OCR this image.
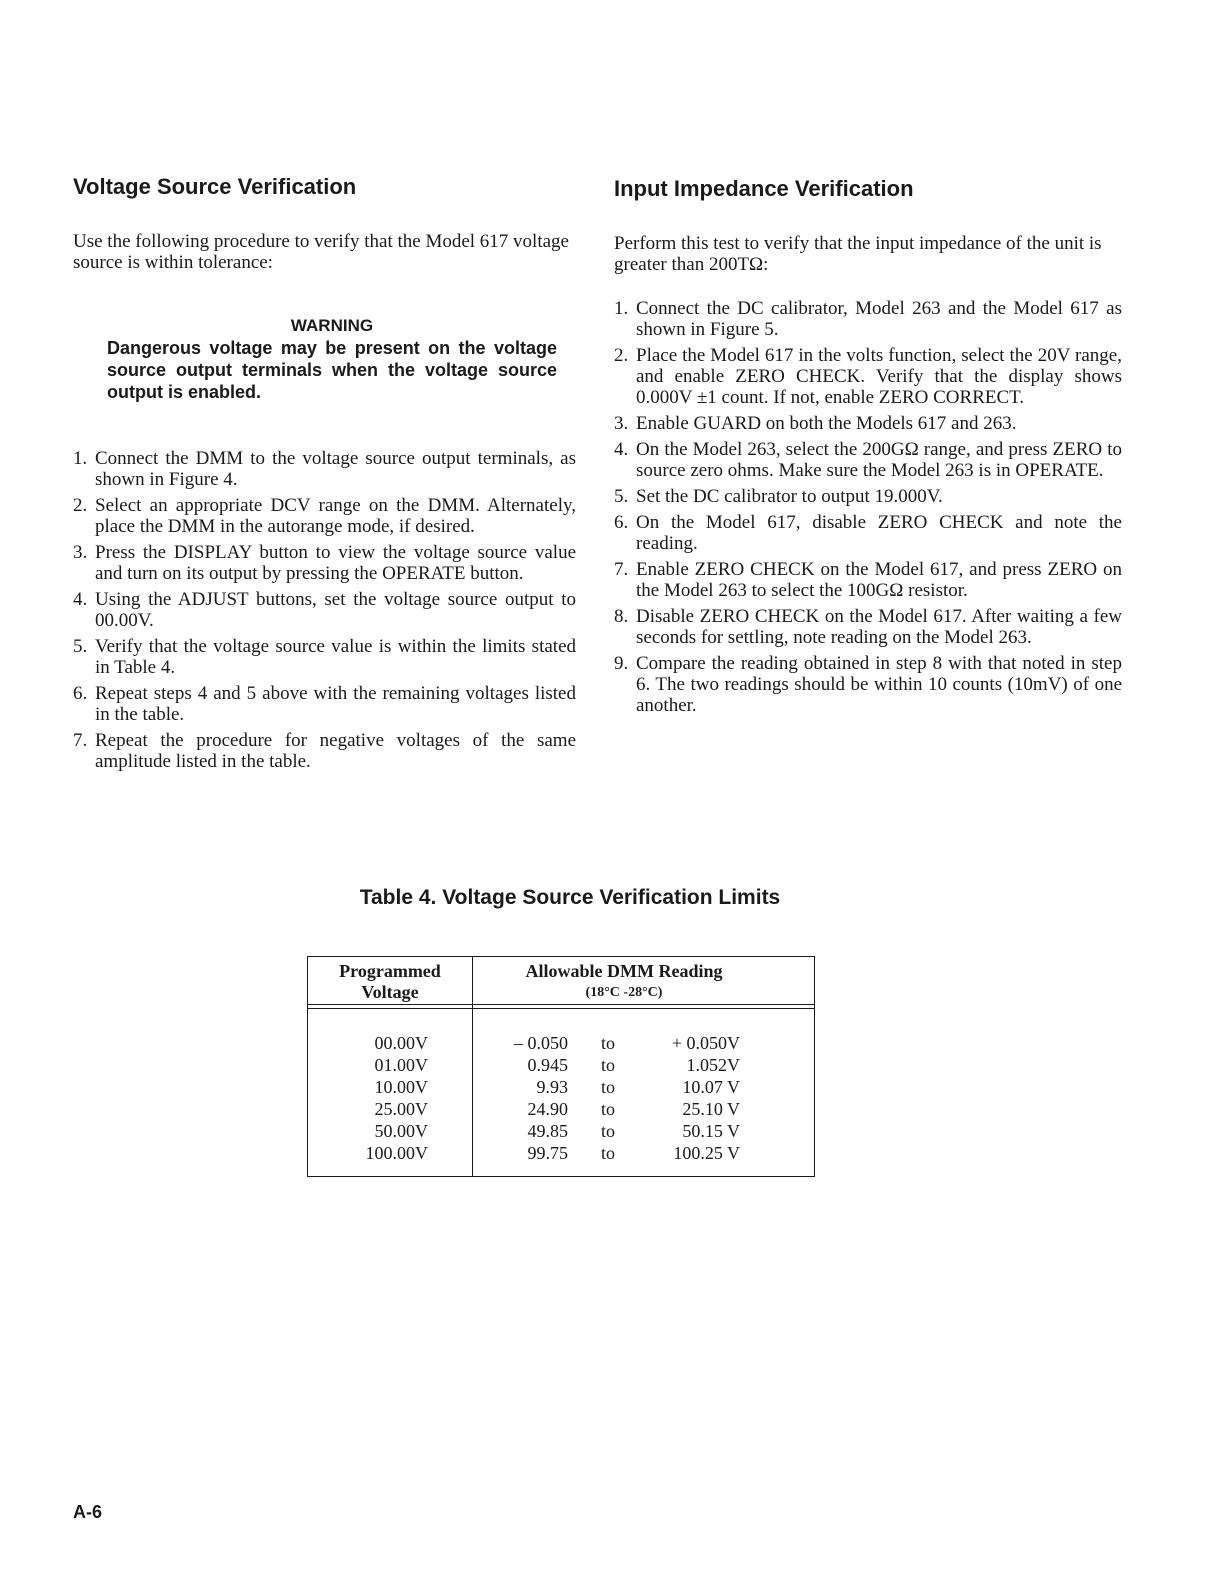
Voltage Source Verification

Use the following procedure to verify that the Model 617 voltage source is within tolerance:

WARNING
Dangerous voltage may be present on the voltage source output terminals when the voltage source output is enabled.
1. Connect the DMM to the voltage source output terminals, as shown in Figure 4.
2. Select an appropriate DCV range on the DMM. Alternately, place the DMM in the autorange mode, if desired.
3. Press the DISPLAY button to view the voltage source value and turn on its output by pressing the OPERATE button.
4. Using the ADJUST buttons, set the voltage source output to 00.00V.
5. Verify that the voltage source value is within the limits stated in Table 4.
6. Repeat steps 4 and 5 above with the remaining voltages listed in the table.
7. Repeat the procedure for negative voltages of the same amplitude listed in the table.
Input Impedance Verification

Perform this test to verify that the input impedance of the unit is greater than 200TΩ:

1. Connect the DC calibrator, Model 263 and the Model 617 as shown in Figure 5.
2. Place the Model 617 in the volts function, select the 20V range, and enable ZERO CHECK. Verify that the display shows 0.000V ±1 count. If not, enable ZERO CORRECT.
3. Enable GUARD on both the Models 617 and 263.
4. On the Model 263, select the 200GΩ range, and press ZERO to source zero ohms. Make sure the Model 263 is in OPERATE.
5. Set the DC calibrator to output 19.000V.
6. On the Model 617, disable ZERO CHECK and note the reading.
7. Enable ZERO CHECK on the Model 617, and press ZERO on the Model 263 to select the 100GΩ resistor.
8. Disable ZERO CHECK on the Model 617. After waiting a few seconds for settling, note reading on the Model 263.
9. Compare the reading obtained in step 8 with that noted in step 6. The two readings should be within 10 counts (10mV) of one another.
Table 4. Voltage Source Verification Limits
Programmed
Voltage
Allowable DMM Reading
(18°C -28°C)
00.00V	– 0.050 to	+ 0.050V
01.00V	0.945 to	1.052V
10.00V	9.93 to	10.07 V
25.00V	24.90 to	25.10 V
50.00V	49.85 to	50.15 V
100.00V	99.75 to	100.25 V

A-6
